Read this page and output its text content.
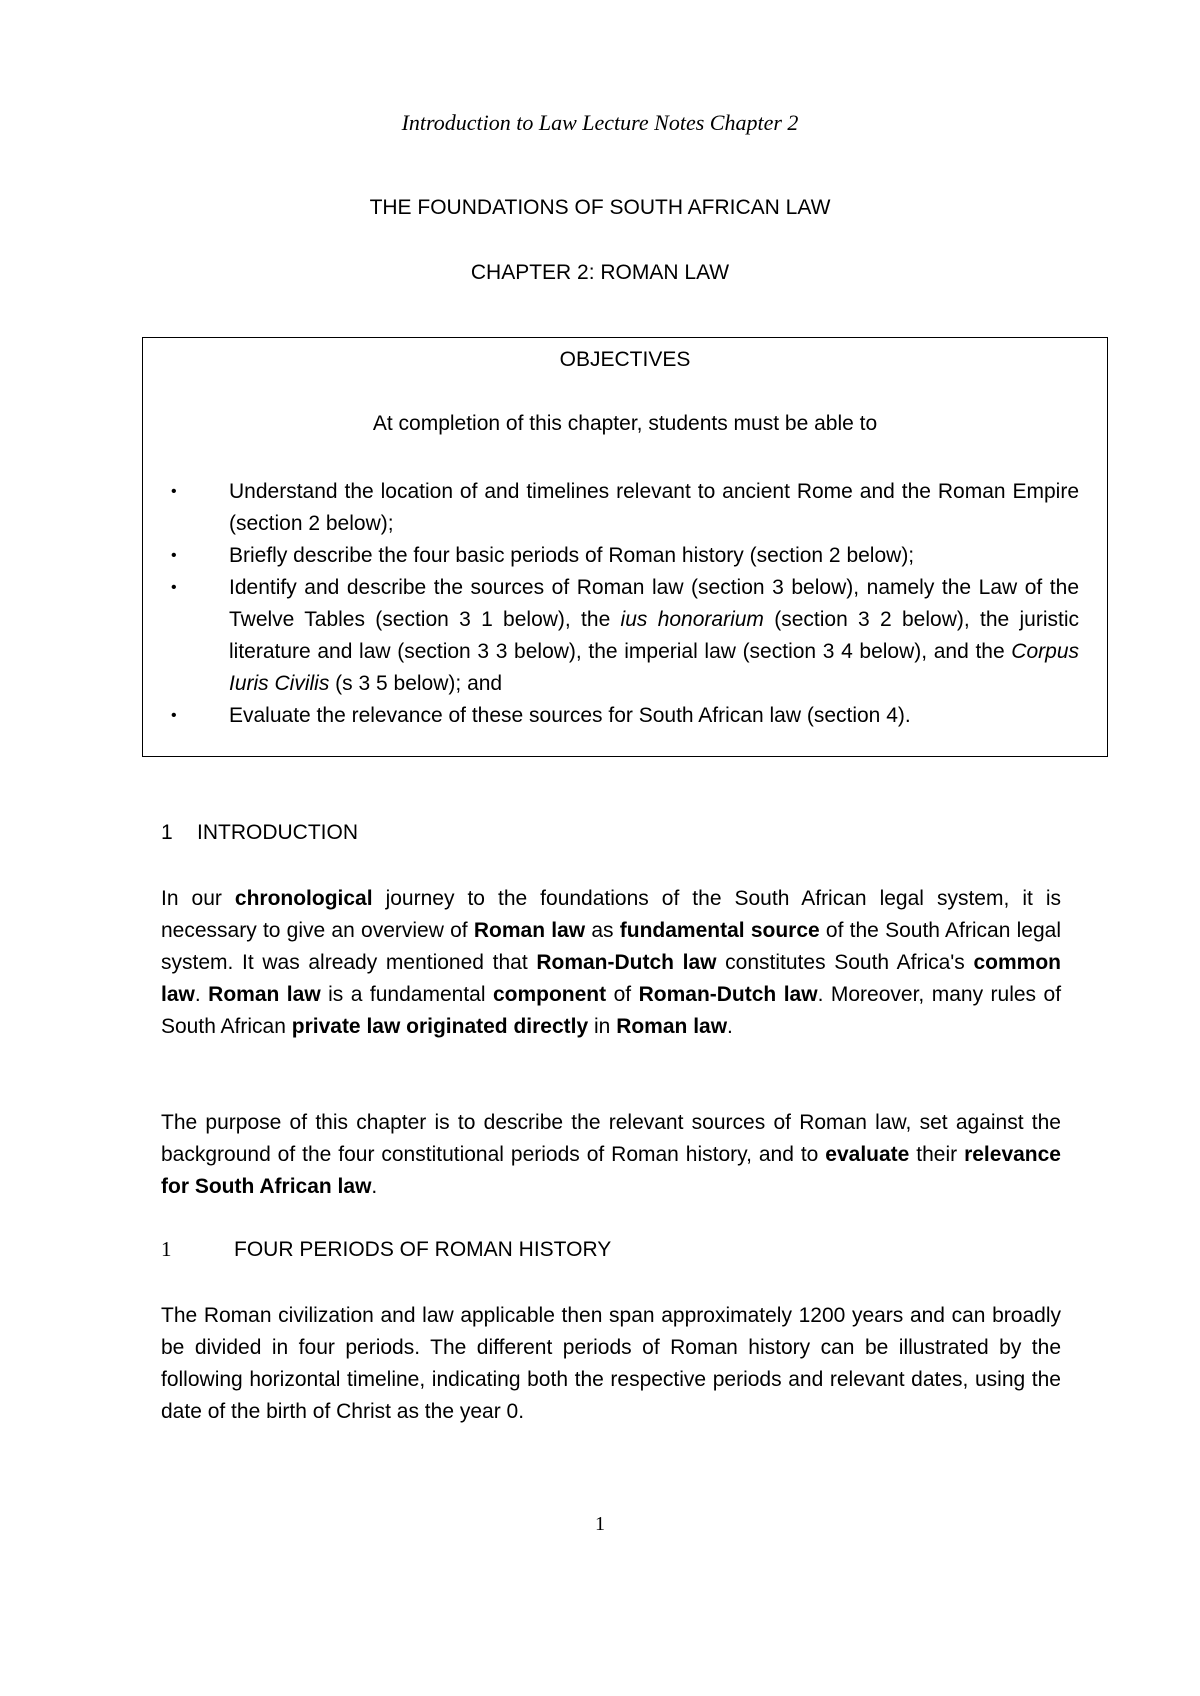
Introduction to Law Lecture Notes Chapter 2
THE FOUNDATIONS OF SOUTH AFRICAN LAW
CHAPTER 2: ROMAN LAW
OBJECTIVES
At completion of this chapter, students must be able to
• Understand the location of and timelines relevant to ancient Rome and the Roman Empire (section 2 below);
• Briefly describe the four basic periods of Roman history (section 2 below);
• Identify and describe the sources of Roman law (section 3 below), namely the Law of the Twelve Tables (section 3 1 below), the ius honorarium (section 3 2 below), the juristic literature and law (section 3 3 below), the imperial law (section 3 4 below), and the Corpus Iuris Civilis (s 3 5 below); and
• Evaluate the relevance of these sources for South African law (section 4).
1 INTRODUCTION

In our chronological journey to the foundations of the South African legal system, it is necessary to give an overview of Roman law as fundamental source of the South African legal system. It was already mentioned that Roman-Dutch law constitutes South Africa's common law. Roman law is a fundamental component of Roman-Dutch law. Moreover, many rules of South African private law originated directly in Roman law.

The purpose of this chapter is to describe the relevant sources of Roman law, set against the background of the four constitutional periods of Roman history, and to evaluate their relevance for South African law.

1	FOUR PERIODS OF ROMAN HISTORY

The Roman civilization and law applicable then span approximately 1200 years and can broadly be divided in four periods. The different periods of Roman history can be illustrated by the following horizontal timeline, indicating both the respective periods and relevant dates, using the date of the birth of Christ as the year 0.

1
